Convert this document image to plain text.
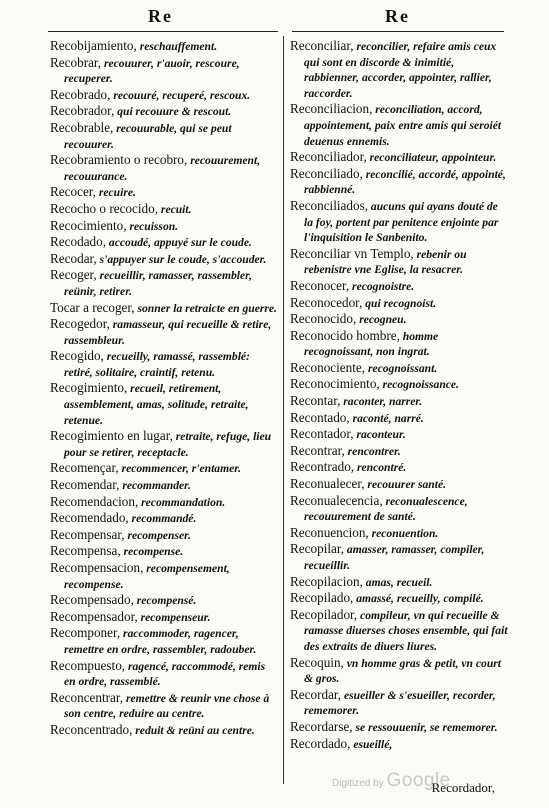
Re	Re

Recobijamiento, reschauffement.

Recobrar, recouurer, r'auoir, rescoure, recuperer.

Recobrado, recouuré, recuperé, rescoux.

Recobrador, qui recouure & rescout.

Recobrable, recouurable, qui se peut recouurer.

Recobramiento o recobro, recouurement, recouurance.

Recocer, recuire.

Recocho o recocido, recuit.

Recocimiento, recuisson.

Recodado, accoudé, appuyé sur le coude.

Recodar, s'appuyer sur le coude, s'accouder.

Recoger, recueillir, ramasser, rassembler, reünir, retirer.

Tocar a recoger, sonner la retraicte en guerre.

Recogedor, ramasseur, qui recueille & retire, rassembleur.

Recogido, recueilly, ramassé, rassemblé: retiré, solitaire, craintif, retenu.

Recogimiento, recueil, retirement, assemblement, amas, solitude, retraite, retenue.

Recogimiento en lugar, retraite, refuge, lieu pour se retirer, receptacle.

Recomençar, recommencer, r'entamer.

Recomendar, recommander.

Recomendacion, recommandation.

Recomendado, recommandé.

Recompensar, recompenser.

Recompensa, recompense.

Recompensacion, recompensement, recompense.

Recompensado, recompensé.

Recompensador, recompenseur.

Recomponer, raccommoder, ragencer, remettre en ordre, rassembler, radouber.

Recompuesto, ragencé, raccommodé, remis en ordre, rassemblé.

Reconcentrar, remettre & reunir vne chose à son centre, reduire au centre.

Reconcentrado, reduit & reüni au centre.

Reconciliar, reconcilier, refaire amis ceux qui sont en discorde & inimitié, rabbienner, accorder, appointer, rallier, raccorder.

Reconciliacion, reconciliation, accord, appointement, paix entre amis qui seroiét deuenus ennemis.

Reconciliador, reconciliateur, appointeur.

Reconciliado, reconcilié, accordé, appointé, rabbienné.

Reconciliados, aucuns qui ayans douté de la foy, portent par penitence enjointe par l'inquisition le Sanbenito.

Reconciliar vn Templo, rebenir ou rebenistre vne Eglise, la resacrer.

Reconocer, recognoistre.

Reconocedor, qui recognoist.

Reconocido, recogneu.

Reconocido hombre, homme recognoissant, non ingrat.

Reconociente, recognoissant.

Reconocimiento, recognoissance.

Recontar, raconter, narrer.

Recontado, raconté, narré.

Recontador, raconteur.

Recontrar, rencontrer.

Recontrado, rencontré.

Reconualecer, recouurer santé.

Reconualecencia, reconualescence, recouurement de santé.

Reconuencion, reconuention.

Recopilar, amasser, ramasser, compiler, recueillir.

Recopilacion, amas, recueil.

Recopilado, amassé, recueilly, compilé.

Recopilador, compileur, vn qui recueille & ramasse diuerses choses ensemble, qui fait des extraits de diuers liures.

Recoquin, vn homme gras & petit, vn court & gros.

Recordar, esueiller & s'esueiller, recorder, rememorer.

Recordarse, se ressouuenir, se rememorer.

Recordado, esueillé,

Digitized by Google
Recordador,
